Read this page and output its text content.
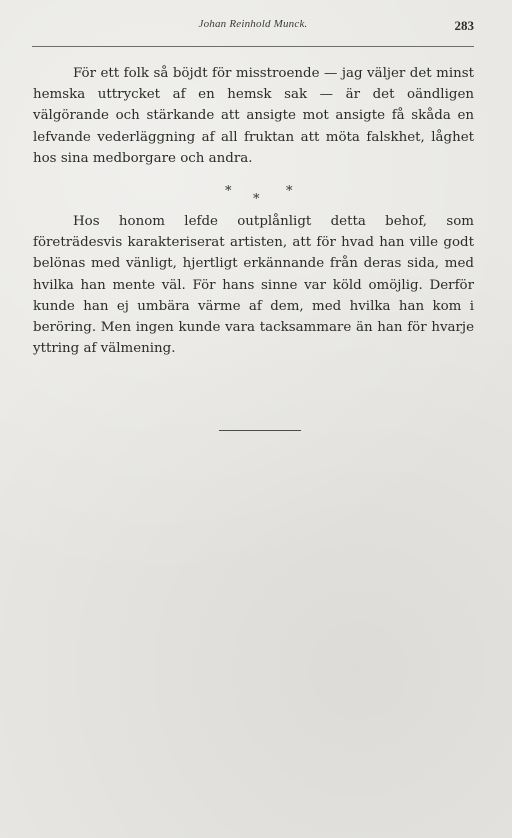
Johan Reinhold Munck.	283

För ett folk så böjdt för misstroende — jag väljer det minst hemska uttrycket af en hemsk sak — är det oändligen välgörande och stärkande att ansigte mot ansigte få skåda en lefvande vederläggning af all fruktan att möta falskhet, låghet hos sina medborgare och andra.

*
*
*

Hos honom lefde outplånligt detta behof, som företrädesvis karakteriserat artisten, att för hvad han ville godt belönas med vänligt, hjertligt erkännande från deras sida, med hvilka han mente väl. För hans sinne var köld omöjlig. Derför kunde han ej umbära värme af dem, med hvilka han kom i beröring. Men ingen kunde vara tacksammare än han för hvarje yttring af välmening.
